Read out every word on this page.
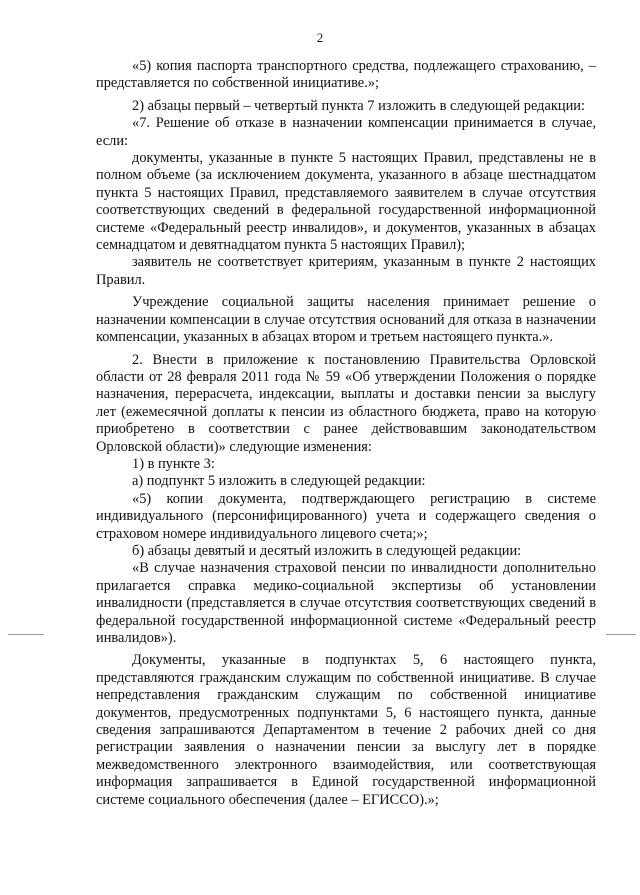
2

«5) копия паспорта транспортного средства, подлежащего страхованию, – представляется по собственной инициативе.»;

2) абзацы первый – четвертый пункта 7 изложить в следующей редакции:

«7. Решение об отказе в назначении компенсации принимается в случае, если:

документы, указанные в пункте 5 настоящих Правил, представлены не в полном объеме (за исключением документа, указанного в абзаце шестнадцатом пункта 5 настоящих Правил, представляемого заявителем в случае отсутствия соответствующих сведений в федеральной государственной информационной системе «Федеральный реестр инвалидов», и документов, указанных в абзацах семнадцатом и девятнадцатом пункта 5 настоящих Правил);

заявитель не соответствует критериям, указанным в пункте 2 настоящих Правил.

Учреждение социальной защиты населения принимает решение о назначении компенсации в случае отсутствия оснований для отказа в назначении компенсации, указанных в абзацах втором и третьем настоящего пункта.».

2. Внести в приложение к постановлению Правительства Орловской области от 28 февраля 2011 года № 59 «Об утверждении Положения о порядке назначения, перерасчета, индексации, выплаты и доставки пенсии за выслугу лет (ежемесячной доплаты к пенсии из областного бюджета, право на которую приобретено в соответствии с ранее действовавшим законодательством Орловской области)» следующие изменения:

1) в пункте 3:

а) подпункт 5 изложить в следующей редакции:

«5) копии документа, подтверждающего регистрацию в системе индивидуального (персонифицированного) учета и содержащего сведения о страховом номере индивидуального лицевого счета;»;

б) абзацы девятый и десятый изложить в следующей редакции:

«В случае назначения страховой пенсии по инвалидности дополнительно прилагается справка медико-социальной экспертизы об установлении инвалидности (представляется в случае отсутствия соответствующих сведений в федеральной государственной информационной системе «Федеральный реестр инвалидов»).

Документы, указанные в подпунктах 5, 6 настоящего пункта, представляются гражданским служащим по собственной инициативе. В случае непредставления гражданским служащим по собственной инициативе документов, предусмотренных подпунктами 5, 6 настоящего пункта, данные сведения запрашиваются Департаментом в течение 2 рабочих дней со дня регистрации заявления о назначении пенсии за выслугу лет в порядке межведомственного электронного взаимодействия, или соответствующая информация запрашивается в Единой государственной информационной системе социального обеспечения (далее – ЕГИССО).»;
